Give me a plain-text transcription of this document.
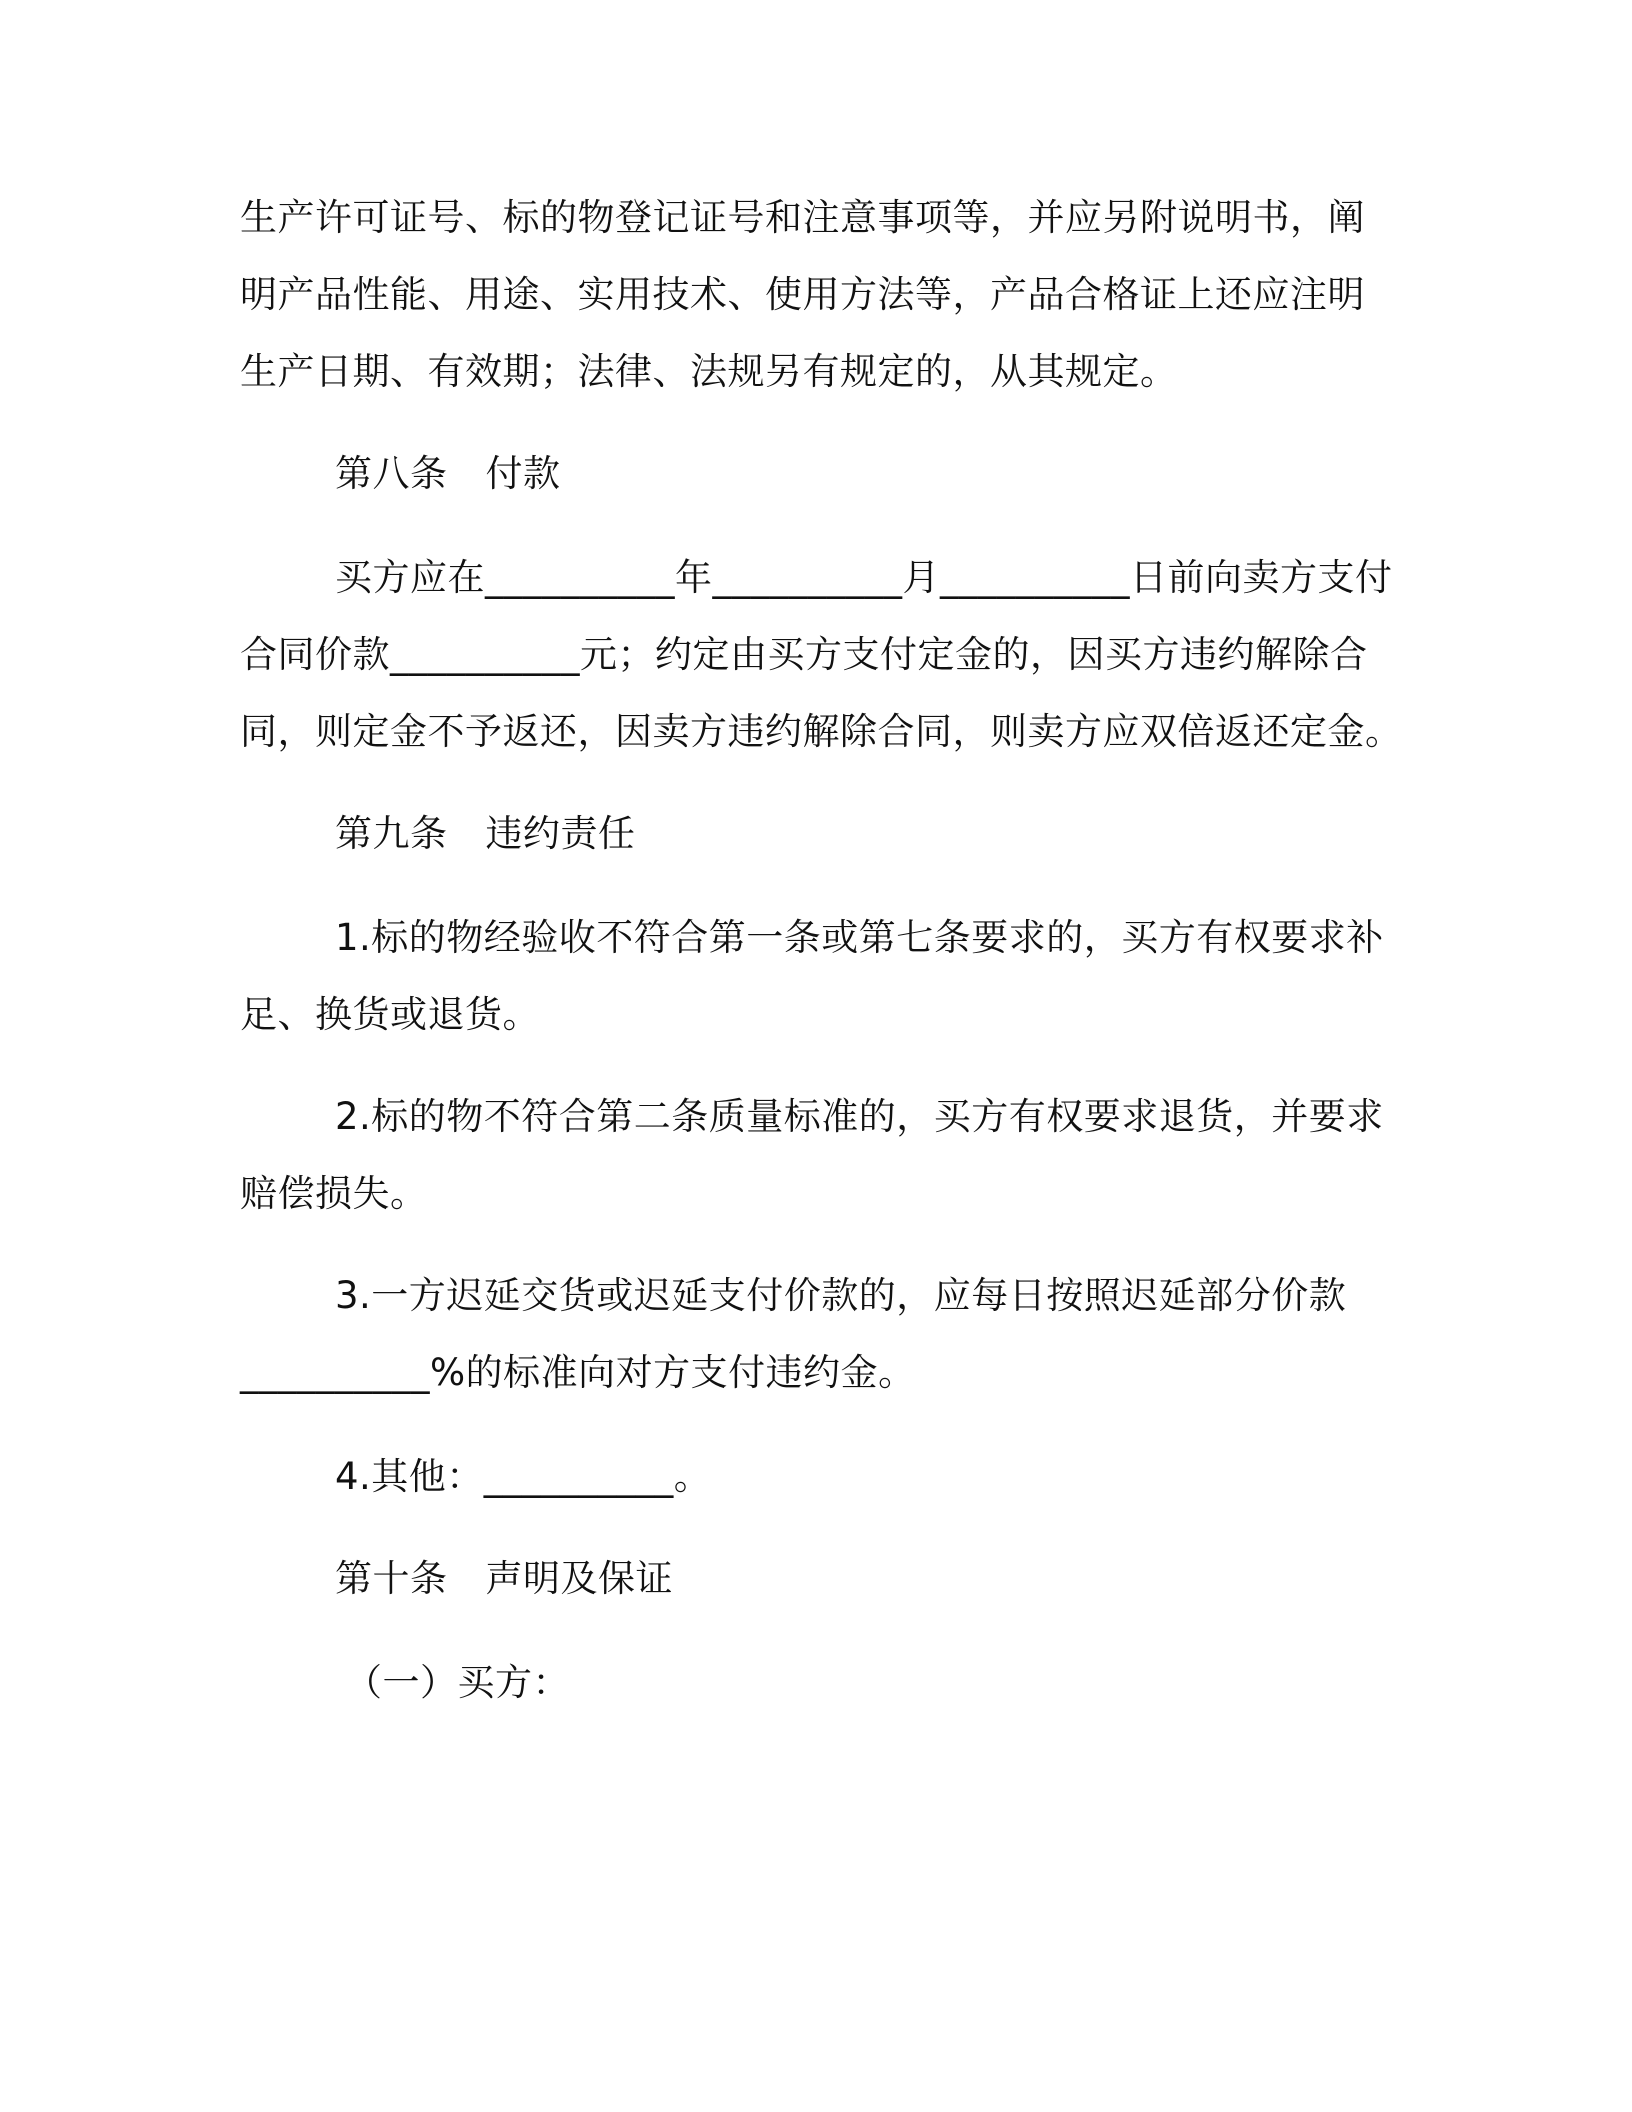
生产许可证号、标的物登记证号和注意事项等，并应另附说明书，阐
明产品性能、用途、实用技术、使用方法等，产品合格证上还应注明
生产日期、有效期；法律、法规另有规定的，从其规定。
第八条 付款
买方应在__________年__________月__________日前向卖方支付
合同价款__________元；约定由买方支付定金的，因买方违约解除合
同，则定金不予返还，因卖方违约解除合同，则卖方应双倍返还定金。
第九条 违约责任
1.标的物经验收不符合第一条或第七条要求的，买方有权要求补
足、换货或退货。
2.标的物不符合第二条质量标准的，买方有权要求退货，并要求
赔偿损失。
3.一方迟延交货或迟延支付价款的，应每日按照迟延部分价款
__________%的标准向对方支付违约金。
4.其他：__________。
第十条 声明及保证
（一）买方：
